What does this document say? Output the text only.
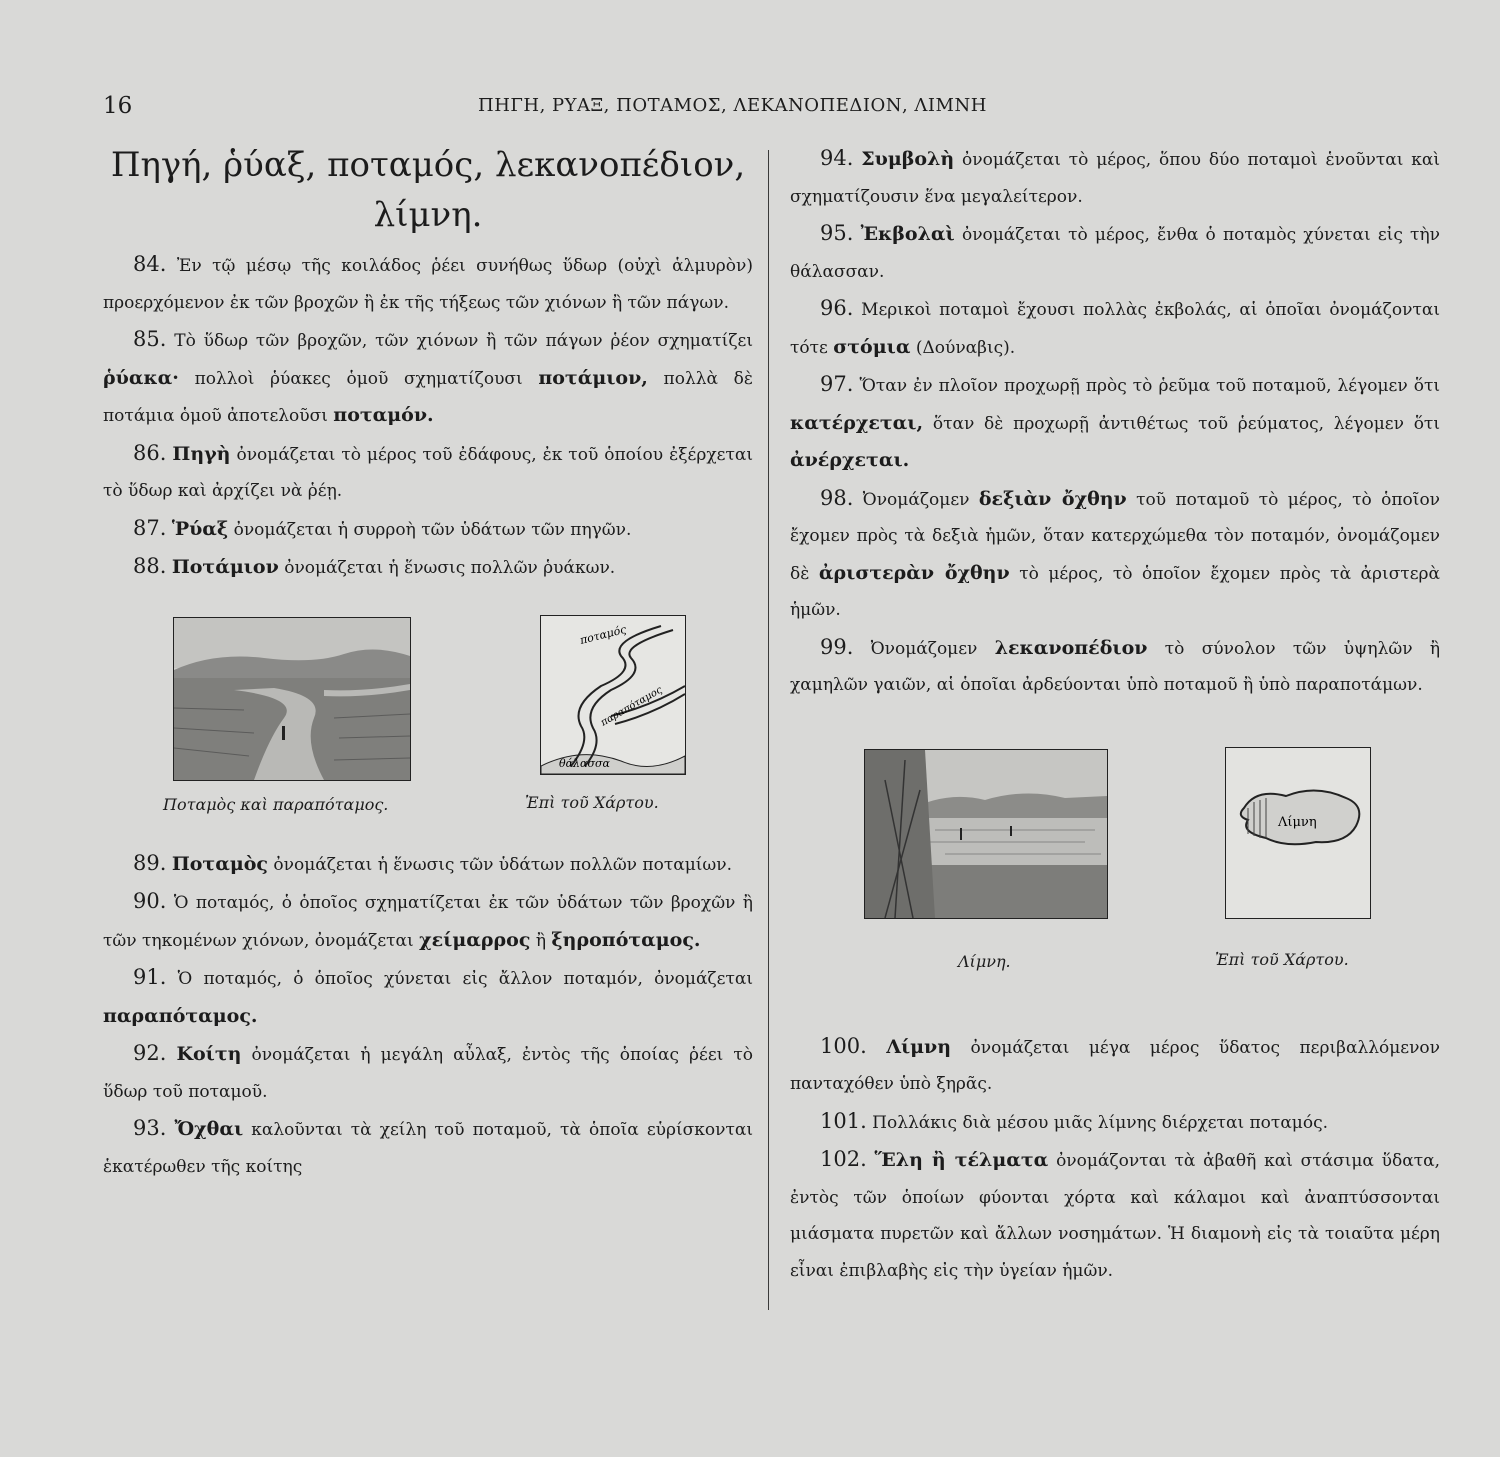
16	ΠΗΓΗ, ΡΥΑΞ, ΠΟΤΑΜΟΣ, ΛΕΚΑΝΟΠΕΔΙΟΝ, ΛΙΜΝΗ
Πηγή, ῥύαξ, ποταμός, λεκανοπέδιον,
λίμνη.

84. Ἐν τῷ μέσῳ τῆς κοιλάδος ῥέει συνήθως ὕδωρ (οὐχὶ ἁλμυρὸν) προερχόμενον ἐκ τῶν βροχῶν ἢ ἐκ τῆς τήξεως τῶν χιόνων ἢ τῶν πάγων.

85. Τὸ ὕδωρ τῶν βροχῶν, τῶν χιόνων ἢ τῶν πάγων ῥέον σχηματίζει ῥύακα· πολλοὶ ῥύακες ὁμοῦ σχηματίζουσι ποτάμιον, πολλὰ δὲ ποτάμια ὁμοῦ ἀποτελοῦσι ποταμόν.

86. Πηγὴ ὀνομάζεται τὸ μέρος τοῦ ἐδάφους, ἐκ τοῦ ὁποίου ἐξέρχεται τὸ ὕδωρ καὶ ἀρχίζει νὰ ῥέῃ.

87. Ῥύαξ ὀνομάζεται ἡ συρροὴ τῶν ὑδάτων τῶν πηγῶν.

88. Ποτάμιον ὀνομάζεται ἡ ἕνωσις πολλῶν ῥυάκων.

ποταμός
παραπόταμος
θάλασσα
Ποταμὸς καὶ παραπόταμος.	Ἐπὶ τοῦ Χάρτου.

89. Ποταμὸς ὀνομάζεται ἡ ἕνωσις τῶν ὑδάτων πολλῶν ποταμίων.

90. Ὁ ποταμός, ὁ ὁποῖος σχηματίζεται ἐκ τῶν ὑδάτων τῶν βροχῶν ἢ τῶν τηκομένων χιόνων, ὀνομάζεται χείμαρρος ἢ ξηροπόταμος.

91. Ὁ ποταμός, ὁ ὁποῖος χύνεται εἰς ἄλλον ποταμόν, ὀνομάζεται παραπόταμος.

92. Κοίτη ὀνομάζεται ἡ μεγάλη αὖλαξ, ἐντὸς τῆς ὁποίας ῥέει τὸ ὕδωρ τοῦ ποταμοῦ.

93. Ὄχθαι καλοῦνται τὰ χείλη τοῦ ποταμοῦ, τὰ ὁποῖα εὑρίσκονται ἑκατέρωθεν τῆς κοίτης

94. Συμβολὴ ὀνομάζεται τὸ μέρος, ὅπου δύο ποταμοὶ ἑνοῦνται καὶ σχηματίζουσιν ἕνα μεγαλείτερον.

95. Ἐκβολαὶ ὀνομάζεται τὸ μέρος, ἔνθα ὁ ποταμὸς χύνεται εἰς τὴν θάλασσαν.

96. Μερικοὶ ποταμοὶ ἔχουσι πολλὰς ἐκβολάς, αἱ ὁποῖαι ὀνομάζονται τότε στόμια (Δούναβις).

97. Ὅταν ἐν πλοῖον προχωρῇ πρὸς τὸ ῥεῦμα τοῦ ποταμοῦ, λέγομεν ὅτι κατέρχεται, ὅταν δὲ προχωρῇ ἀντιθέτως τοῦ ῥεύματος, λέγομεν ὅτι ἀνέρχεται.

98. Ὀνομάζομεν δεξιὰν ὄχθην τοῦ ποταμοῦ τὸ μέρος, τὸ ὁποῖον ἔχομεν πρὸς τὰ δεξιὰ ἡμῶν, ὅταν κατερχώμεθα τὸν ποταμόν, ὀνομάζομεν δὲ ἀριστερὰν ὄχθην τὸ μέρος, τὸ ὁποῖον ἔχομεν πρὸς τὰ ἀριστερὰ ἡμῶν.

99. Ὀνομάζομεν λεκανοπέδιον τὸ σύνολον τῶν ὑψηλῶν ἢ χαμηλῶν γαιῶν, αἱ ὁποῖαι ἀρδεύονται ὑπὸ ποταμοῦ ἢ ὑπὸ παραποτάμων.

Λίμνη
Λίμνη.	Ἐπὶ τοῦ Χάρτου.

100. Λίμνη ὀνομάζεται μέγα μέρος ὕδατος περιβαλλόμενον πανταχόθεν ὑπὸ ξηρᾶς.

101. Πολλάκις διὰ μέσου μιᾶς λίμνης διέρχεται ποταμός.

102. Ἕλη ἢ τέλματα ὀνομάζονται τὰ ἀβαθῆ καὶ στάσιμα ὕδατα, ἐντὸς τῶν ὁποίων φύονται χόρτα καὶ κάλαμοι καὶ ἀναπτύσσονται μιάσματα πυρετῶν καὶ ἄλλων νοσημάτων. Ἡ διαμονὴ εἰς τὰ τοιαῦτα μέρη εἶναι ἐπιβλαβὴς εἰς τὴν ὑγείαν ἡμῶν.
